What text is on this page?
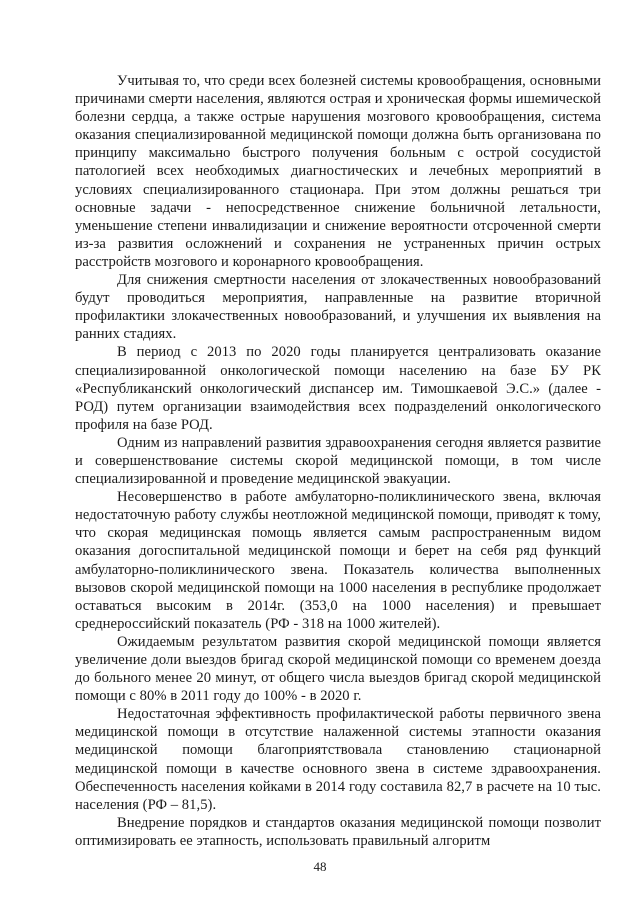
Учитывая то, что среди всех болезней системы кровообращения, основными причинами смерти населения, являются острая и хроническая формы ишемической болезни сердца, а также острые нарушения мозгового кровообращения, система оказания специализированной медицинской помощи должна быть организована по принципу максимально быстрого получения больным с острой сосудистой патологией всех необходимых диагностических и лечебных мероприятий в условиях специализированного стационара. При этом должны решаться три основные задачи - непосредственное снижение больничной летальности, уменьшение степени инвалидизации и снижение вероятности отсроченной смерти из-за развития осложнений и сохранения не устраненных причин острых расстройств мозгового и коронарного кровообращения.

Для снижения смертности населения от злокачественных новообразований будут проводиться мероприятия, направленные на развитие вторичной профилактики злокачественных новообразований, и улучшения их выявления на ранних стадиях.

В период с 2013 по 2020 годы планируется централизовать оказание специализированной онкологической помощи населению на базе БУ РК «Республиканский онкологический диспансер им. Тимошкаевой Э.С.» (далее - РОД) путем организации взаимодействия всех подразделений онкологического профиля на базе РОД.

Одним из направлений развития здравоохранения сегодня является развитие и совершенствование системы скорой медицинской помощи, в том числе специализированной и проведение медицинской эвакуации.

Несовершенство в работе амбулаторно-поликлинического звена, включая недостаточную работу службы неотложной медицинской помощи, приводят к тому, что скорая медицинская помощь является самым распространенным видом оказания догоспитальной медицинской помощи и берет на себя ряд функций амбулаторно-поликлинического звена. Показатель количества выполненных вызовов скорой медицинской помощи на 1000 населения в республике продолжает оставаться высоким в 2014г. (353,0 на 1000 населения) и превышает среднероссийский показатель (РФ - 318 на 1000 жителей).

Ожидаемым результатом развития скорой медицинской помощи является увеличение доли выездов бригад скорой медицинской помощи со временем доезда до больного менее 20 минут, от общего числа выездов бригад скорой медицинской помощи с 80% в 2011 году до 100% - в 2020 г.

Недостаточная эффективность профилактической работы первичного звена медицинской помощи в отсутствие налаженной системы этапности оказания медицинской помощи благоприятствовала становлению стационарной медицинской помощи в качестве основного звена в системе здравоохранения. Обеспеченность населения койками в 2014 году составила 82,7 в расчете на 10 тыс. населения (РФ – 81,5).

Внедрение порядков и стандартов оказания медицинской помощи позволит оптимизировать ее этапность, использовать правильный алгоритм

48
